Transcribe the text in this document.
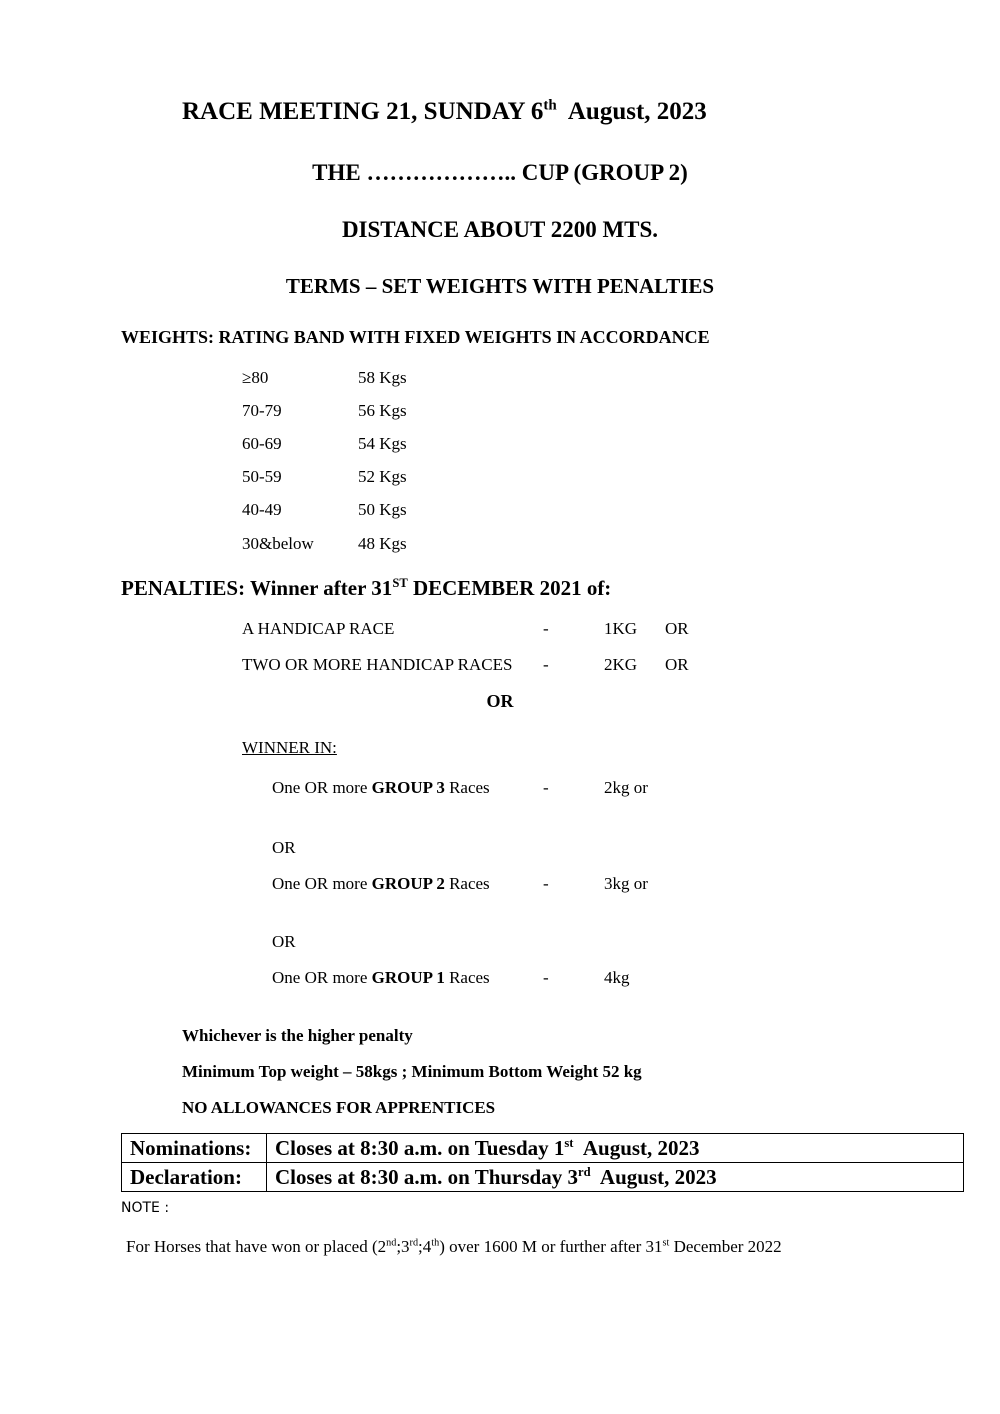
RACE MEETING 21, SUNDAY 6th August, 2023
THE ……………….. CUP (GROUP 2)
DISTANCE ABOUT 2200 MTS.
TERMS – SET WEIGHTS WITH PENALTIES
WEIGHTS: RATING BAND WITH FIXED WEIGHTS IN ACCORDANCE
≥80	58 Kgs
70-79	56 Kgs
60-69	54 Kgs
50-59	52 Kgs
40-49	50 Kgs
30&below	48 Kgs
PENALTIES: Winner after 31ST DECEMBER 2021 of:
A HANDICAP RACE	-	1KG OR
TWO OR MORE HANDICAP RACES -	2KG OR
OR
WINNER IN:
One OR more GROUP 3 Races	-	2kg or
OR
One OR more GROUP 2 Races	-	3kg or
OR
One OR more GROUP 1 Races	-	4kg
Whichever is the higher penalty
Minimum Top weight – 58kgs ; Minimum Bottom Weight 52 kg
NO ALLOWANCES FOR APPRENTICES
Nominations:	Closes at 8:30 a.m. on Tuesday 1st August, 2023
Declaration:	Closes at 8:30 a.m. on Thursday 3rd August, 2023
NOTE :
For Horses that have won or placed (2nd;3rd;4th) over 1600 M or further after 31st December 2022
